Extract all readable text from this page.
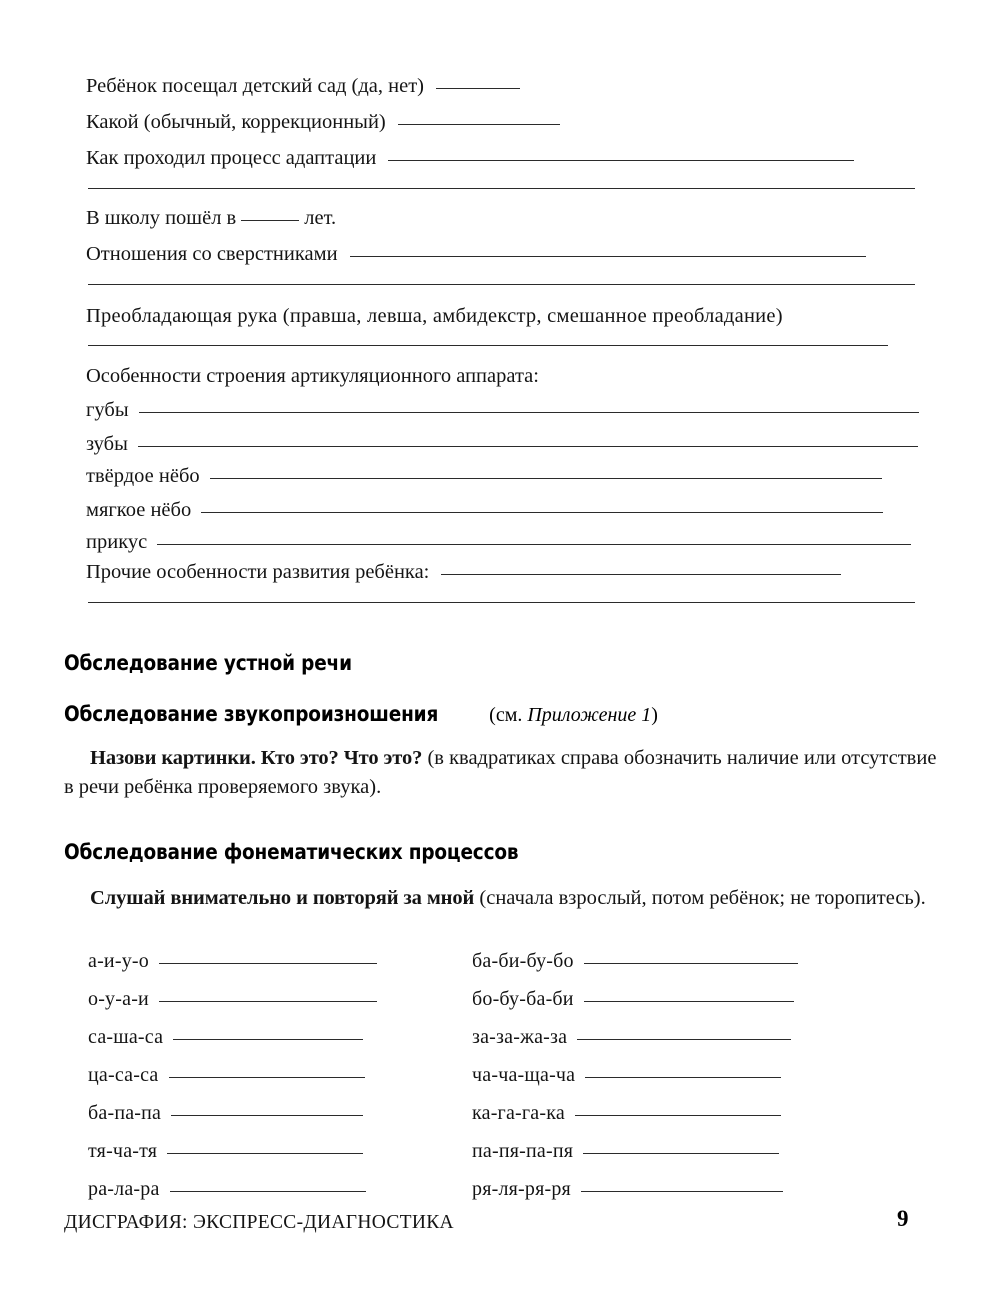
Ребёнок посещал детский сад (да, нет)
Какой (обычный, коррекционный)
Как проходил процесс адаптации
В школу пошёл в	лет.
Отношения со сверстниками
Преобладающая рука (правша, левша, амбидекстр, смешанное преобладание)
Особенности строения артикуляционного аппарата:
губы
зубы
твёрдое нёбо
мягкое нёбо
прикус
Прочие особенности развития ребёнка:
Обследование устной речи
Обследование звукопроизношения	(см. Приложение 1)
Назови картинки. Кто это? Что это? (в квадратиках справа обозначить наличие или отсутствие в речи ребёнка проверяемого звука).
Обследование фонематических процессов
Слушай внимательно и повторяй за мной (сначала взрослый, потом ребёнок; не торопитесь).
а-и-у-о
о-у-а-и
са-ша-са
ца-са-са
ба-па-па
тя-ча-тя
ра-ла-ра
ба-би-бу-бо
бо-бу-ба-би
за-за-жа-за
ча-ча-ща-ча
ка-га-га-ка
па-пя-па-пя
ря-ля-ря-ря
ДИСГРАФИЯ: ЭКСПРЕСС-ДИАГНОСТИКА	9
